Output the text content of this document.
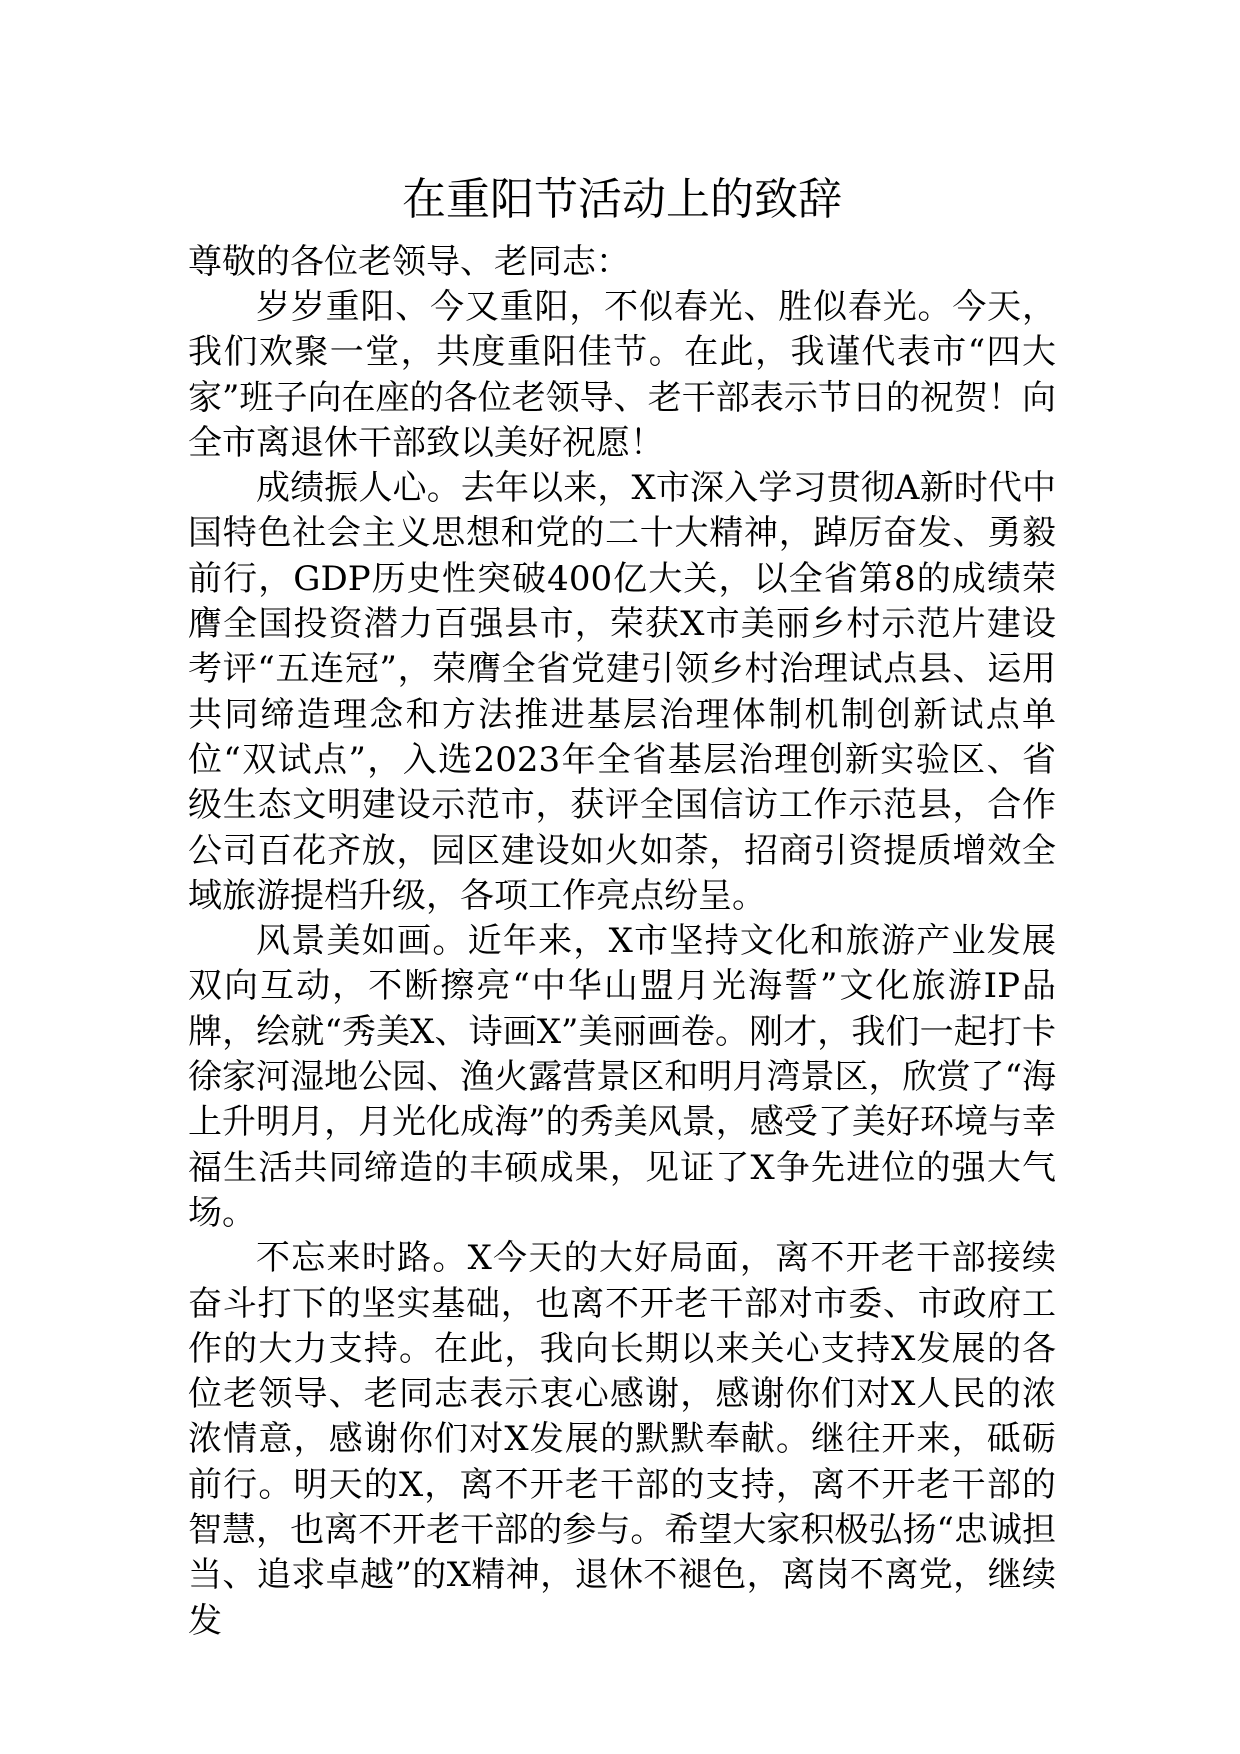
在重阳节活动上的致辞

尊敬的各位老领导、老同志：

岁岁重阳、今又重阳，不似春光、胜似春光。今天，我们欢聚一堂，共度重阳佳节。在此，我谨代表市“四大家”班子向在座的各位老领导、老干部表示节日的祝贺！向全市离退休干部致以美好祝愿！

成绩振人心。去年以来，X市深入学习贯彻A新时代中国特色社会主义思想和党的二十大精神，踔厉奋发、勇毅前行，GDP历史性突破400亿大关，以全省第8的成绩荣膺全国投资潜力百强县市，荣获X市美丽乡村示范片建设考评“五连冠”，荣膺全省党建引领乡村治理试点县、运用共同缔造理念和方法推进基层治理体制机制创新试点单位“双试点”，入选2023年全省基层治理创新实验区、省级生态文明建设示范市，获评全国信访工作示范县，合作公司百花齐放，园区建设如火如荼，招商引资提质增效全域旅游提档升级，各项工作亮点纷呈。

风景美如画。近年来，X市坚持文化和旅游产业发展双向互动，不断擦亮“中华山盟月光海誓”文化旅游IP品牌，绘就“秀美X、诗画X”美丽画卷。刚才，我们一起打卡徐家河湿地公园、渔火露营景区和明月湾景区，欣赏了“海上升明月，月光化成海”的秀美风景，感受了美好环境与幸福生活共同缔造的丰硕成果，见证了X争先进位的强大气场。

不忘来时路。X今天的大好局面，离不开老干部接续奋斗打下的坚实基础，也离不开老干部对市委、市政府工作的大力支持。在此，我向长期以来关心支持X发展的各位老领导、老同志表示衷心感谢，感谢你们对X人民的浓浓情意，感谢你们对X发展的默默奉献。继往开来，砥砺前行。明天的X，离不开老干部的支持，离不开老干部的智慧，也离不开老干部的参与。希望大家积极弘扬“忠诚担当、追求卓越”的X精神，退休不褪色，离岗不离党，继续发
